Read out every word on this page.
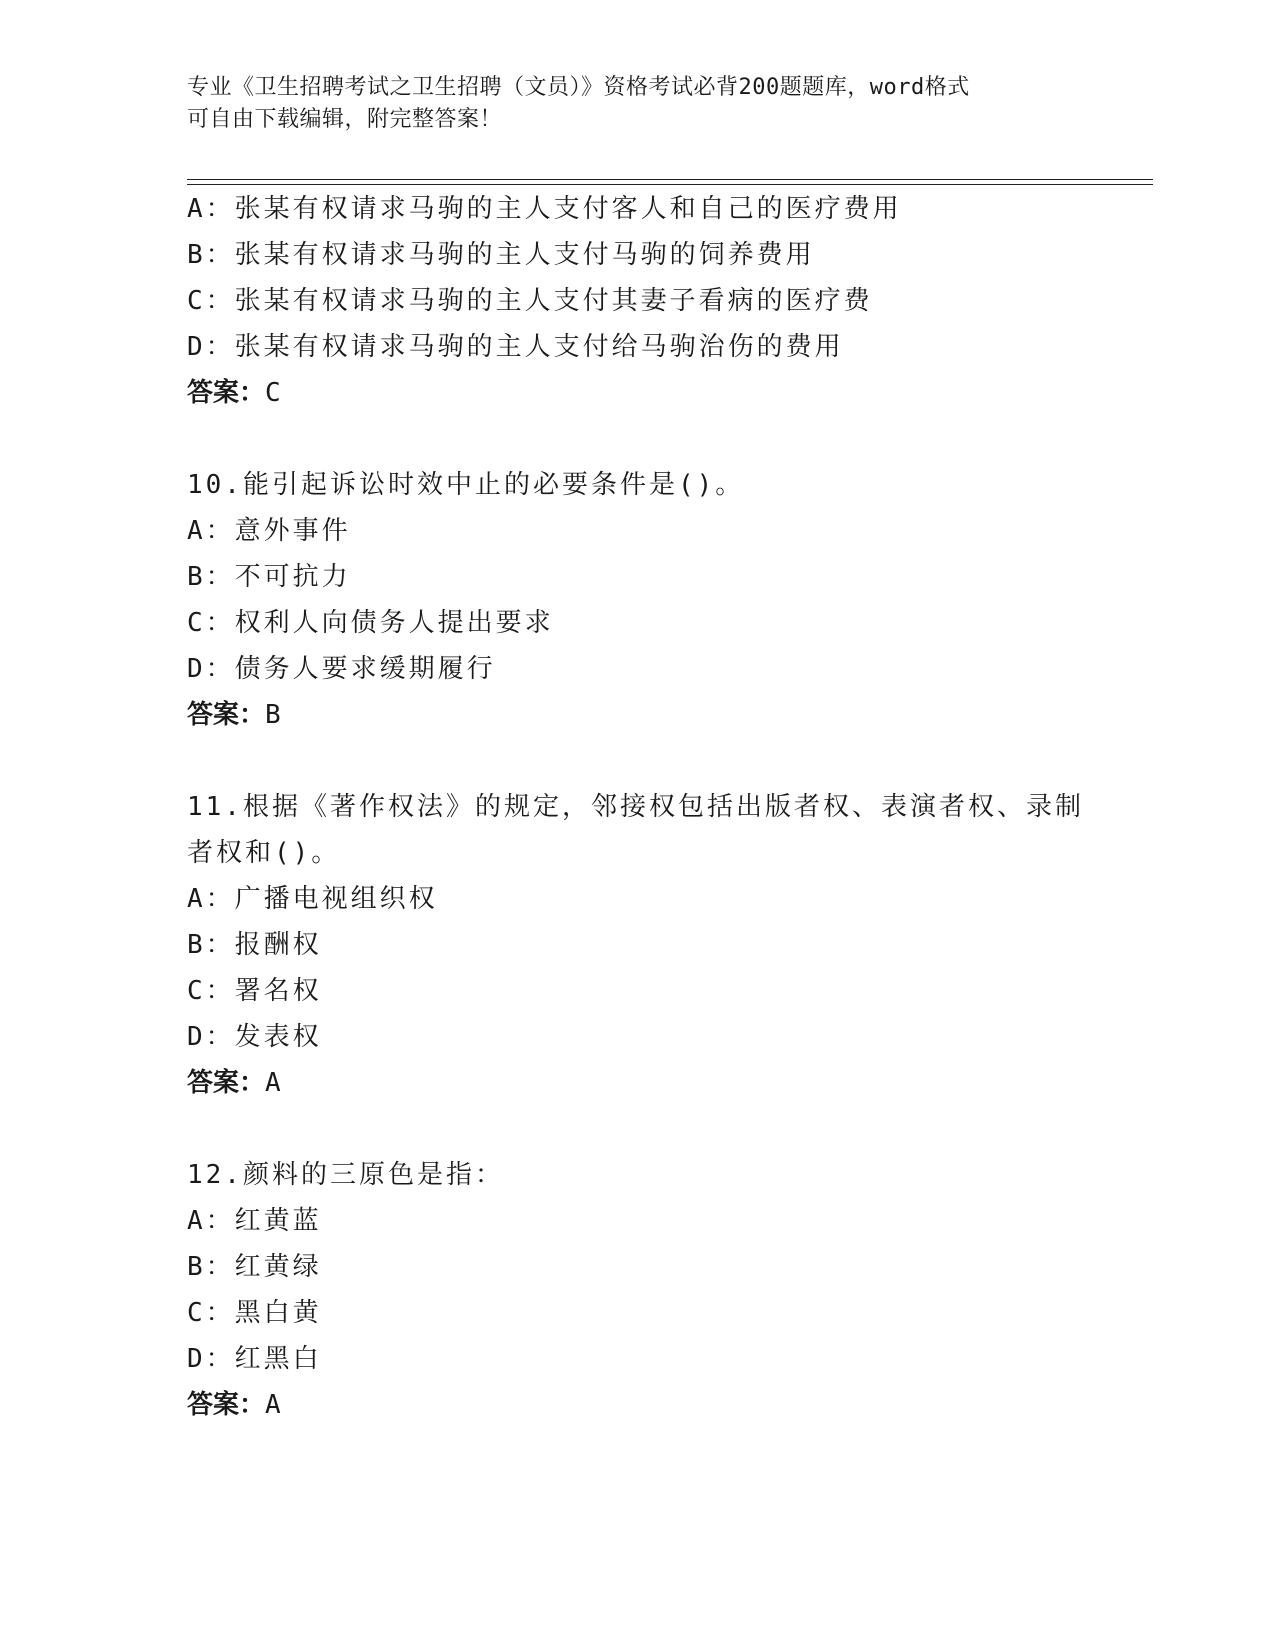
专业《卫生招聘考试之卫生招聘（文员）》资格考试必背200题题库，word格式
可自由下载编辑，附完整答案！
A：张某有权请求马驹的主人支付客人和自己的医疗费用
B：张某有权请求马驹的主人支付马驹的饲养费用
C：张某有权请求马驹的主人支付其妻子看病的医疗费
D：张某有权请求马驹的主人支付给马驹治伤的费用
答案：C
10.能引起诉讼时效中止的必要条件是()。
A：意外事件
B：不可抗力
C：权利人向债务人提出要求
D：债务人要求缓期履行
答案：B
11.根据《著作权法》的规定，邻接权包括出版者权、表演者权、录制
者权和()。
A：广播电视组织权
B：报酬权
C：署名权
D：发表权
答案：A
12.颜料的三原色是指：
A：红黄蓝
B：红黄绿
C：黑白黄
D：红黑白
答案：A
